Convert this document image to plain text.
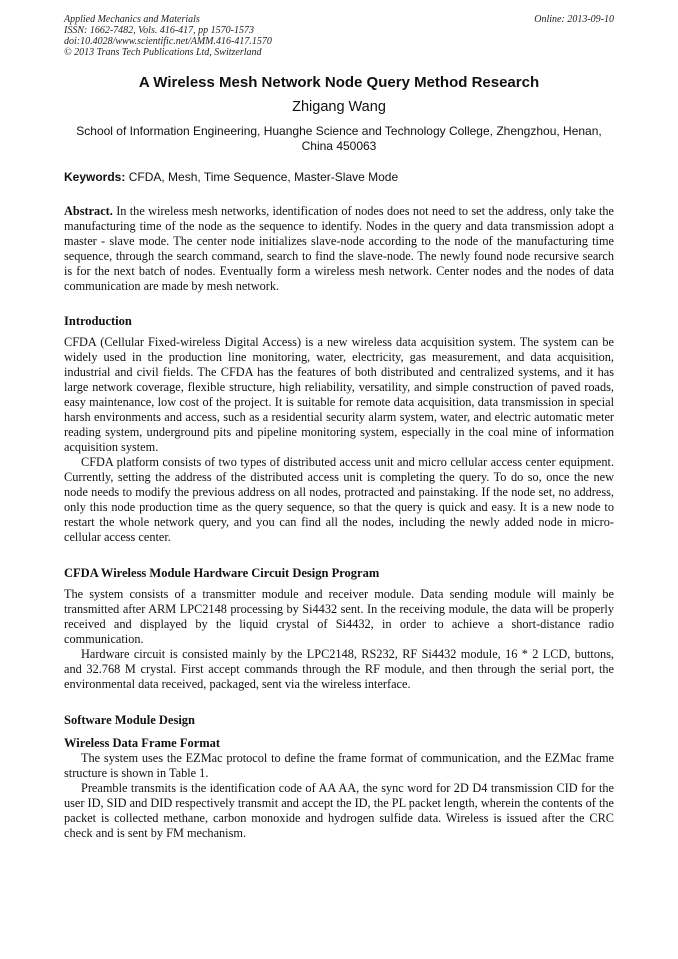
Applied Mechanics and Materials
ISSN: 1662-7482, Vols. 416-417, pp 1570-1573
doi:10.4028/www.scientific.net/AMM.416-417.1570
© 2013 Trans Tech Publications Ltd, Switzerland
Online: 2013-09-10
A Wireless Mesh Network Node Query Method Research
Zhigang Wang
School of Information Engineering, Huanghe Science and Technology College, Zhengzhou, Henan, China 450063
Keywords: CFDA, Mesh, Time Sequence, Master-Slave Mode

Abstract. In the wireless mesh networks, identification of nodes does not need to set the address, only take the manufacturing time of the node as the sequence to identify. Nodes in the query and data transmission adopt a master - slave mode. The center node initializes slave-node according to the node of the manufacturing time sequence, through the search command, search to find the slave-node. The newly found node recursive search is for the next batch of nodes. Eventually form a wireless mesh network. Center nodes and the nodes of data communication are made by mesh network.

Introduction

CFDA (Cellular Fixed-wireless Digital Access) is a new wireless data acquisition system. The system can be widely used in the production line monitoring, water, electricity, gas measurement, and data acquisition, industrial and civil fields. The CFDA has the features of both distributed and centralized systems, and it has large network coverage, flexible structure, high reliability, versatility, and simple construction of paved roads, easy maintenance, low cost of the project. It is suitable for remote data acquisition, data transmission in special harsh environments and access, such as a residential security alarm system, water, and electric automatic meter reading system, underground pits and pipeline monitoring system, especially in the coal mine of information acquisition system.

CFDA platform consists of two types of distributed access unit and micro cellular access center equipment. Currently, setting the address of the distributed access unit is completing the query. To do so, once the new node needs to modify the previous address on all nodes, protracted and painstaking. If the node set, no address, only this node production time as the query sequence, so that the query is quick and easy. It is a new node to restart the whole network query, and you can find all the nodes, including the newly added node in micro-cellular access center.

CFDA Wireless Module Hardware Circuit Design Program

The system consists of a transmitter module and receiver module. Data sending module will mainly be transmitted after ARM LPC2148 processing by Si4432 sent. In the receiving module, the data will be properly received and displayed by the liquid crystal of Si4432, in order to achieve a short-distance radio communication.

Hardware circuit is consisted mainly by the LPC2148, RS232, RF Si4432 module, 16 * 2 LCD, buttons, and 32.768 M crystal. First accept commands through the RF module, and then through the serial port, the environmental data received, packaged, sent via the wireless interface.

Software Module Design
Wireless Data Frame Format

The system uses the EZMac protocol to define the frame format of communication, and the EZMac frame structure is shown in Table 1.

Preamble transmits is the identification code of AA AA, the sync word for 2D D4 transmission CID for the user ID, SID and DID respectively transmit and accept the ID, the PL packet length, wherein the contents of the packet is collected methane, carbon monoxide and hydrogen sulfide data. Wireless is issued after the CRC check and is sent by FM mechanism.
